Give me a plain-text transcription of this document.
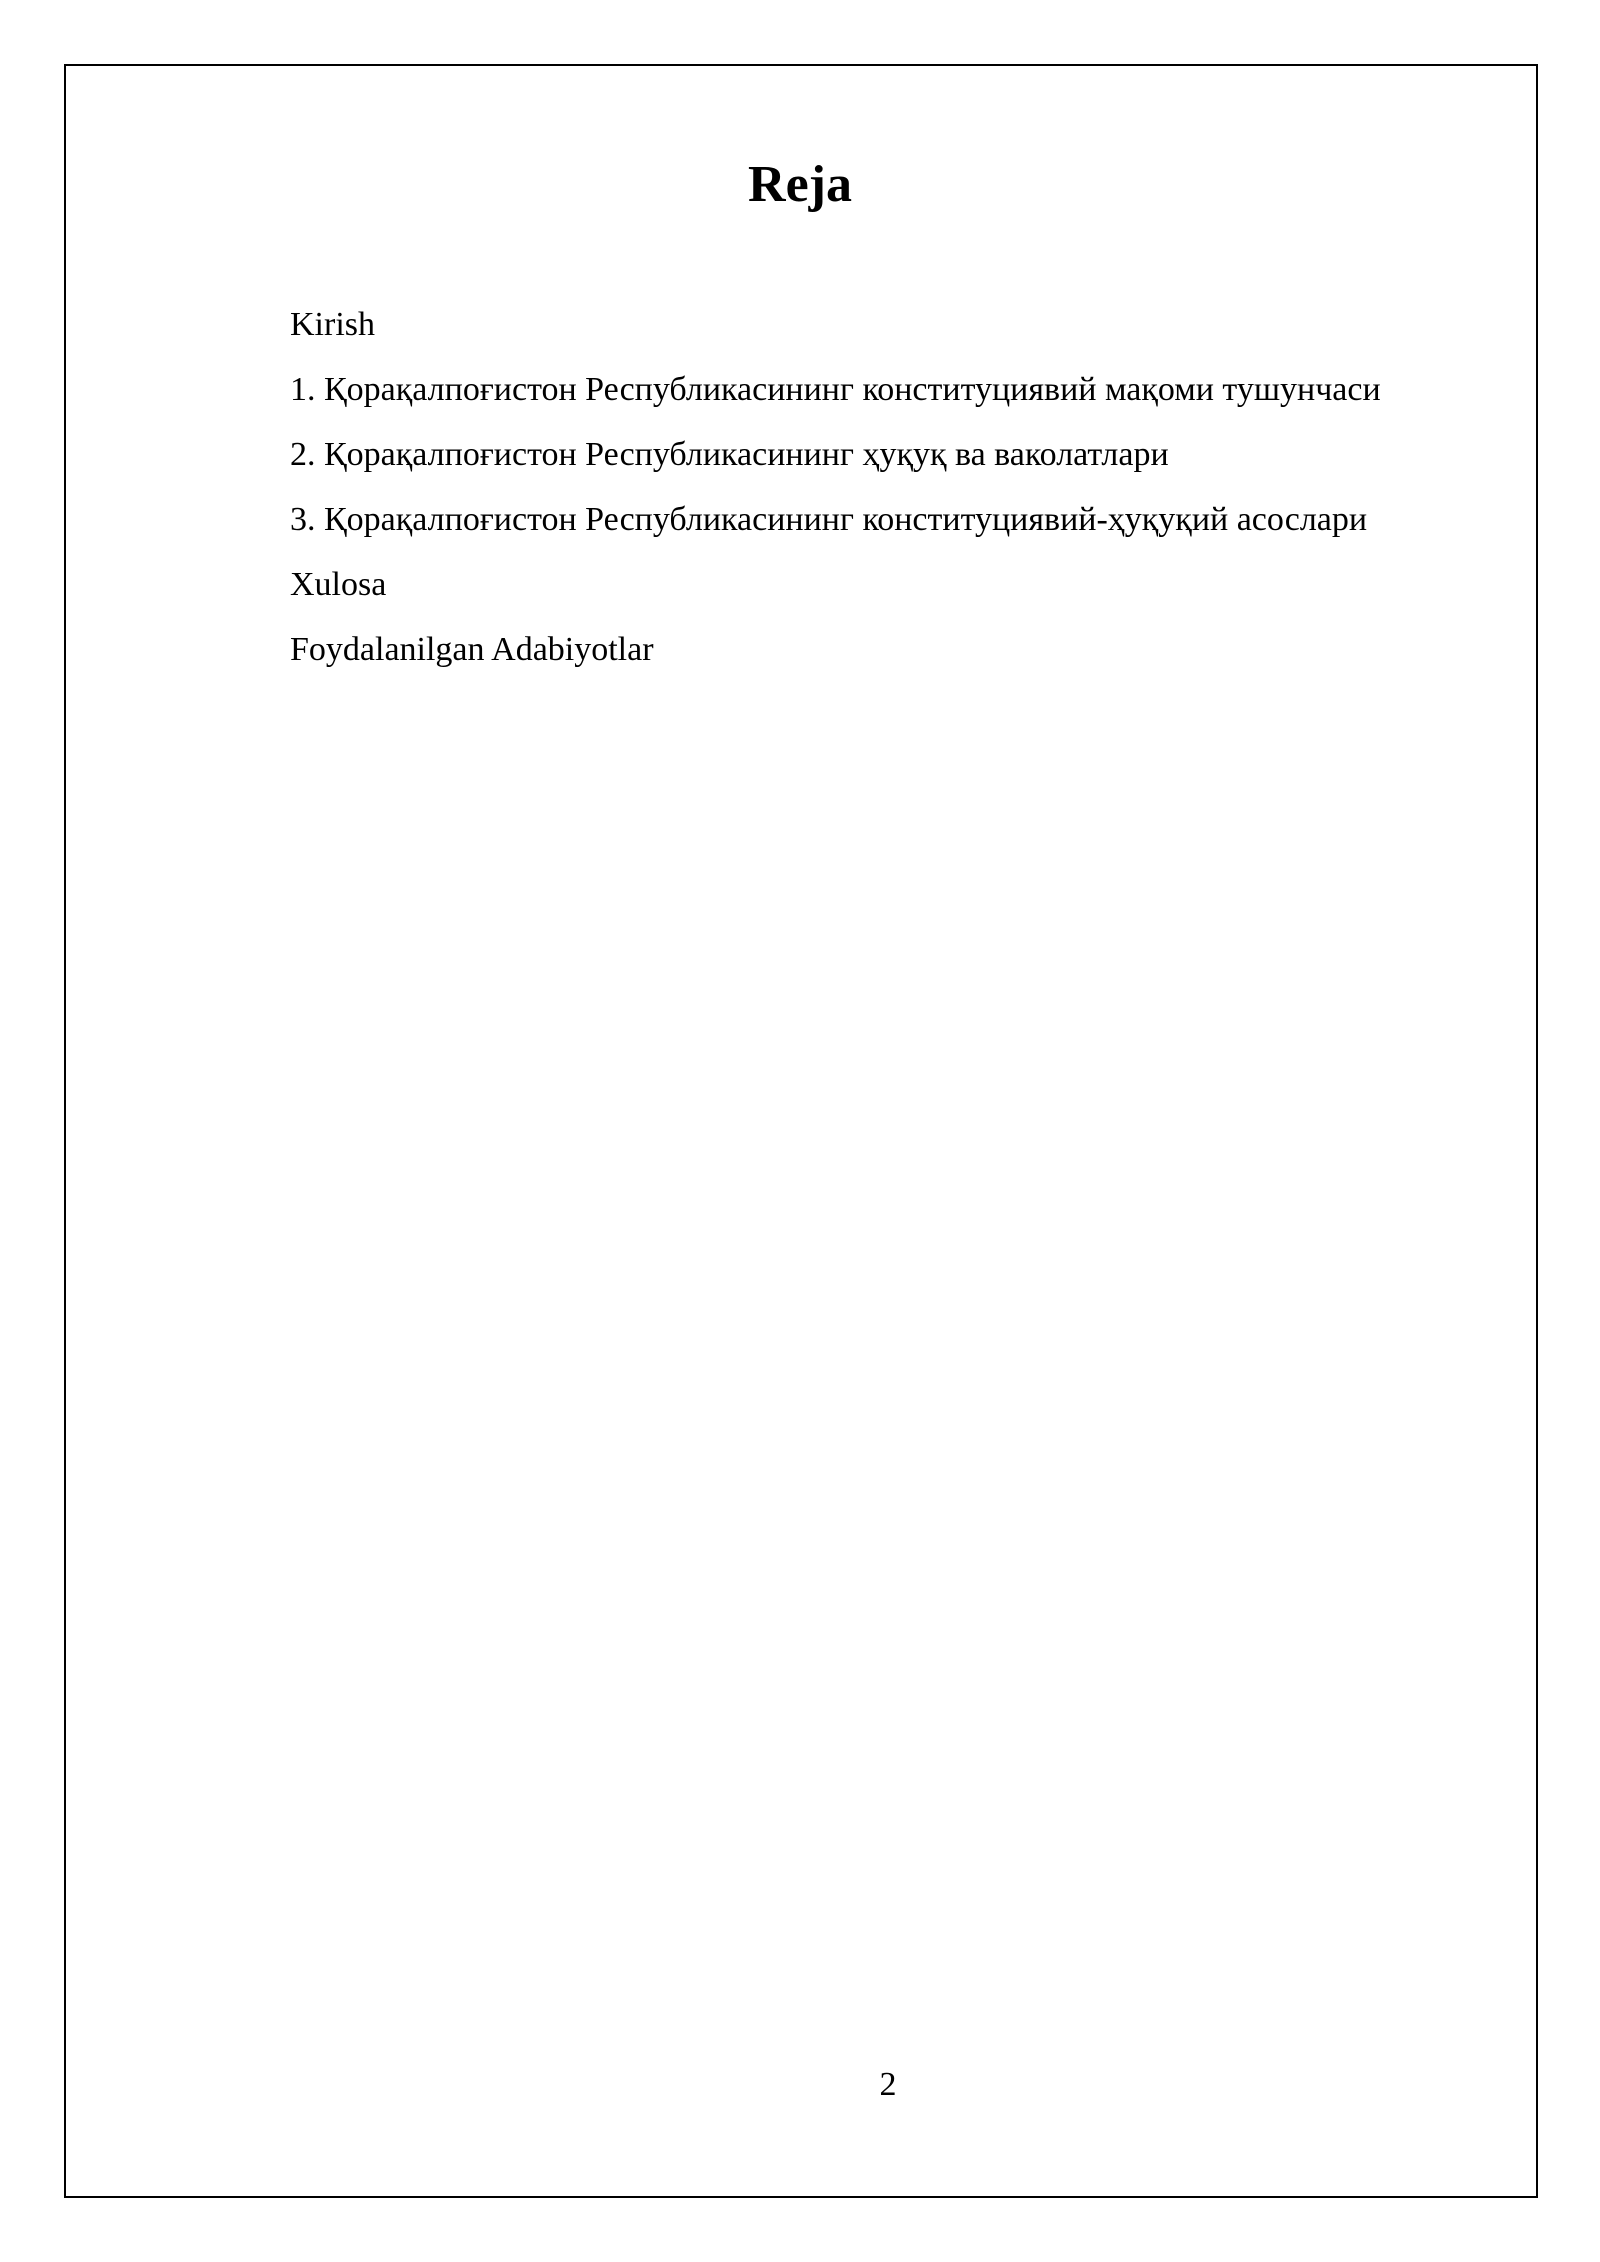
Reja
Kirish
1. Қорақалпоғистон Республикасининг конституциявий мақоми тушунчаси
2. Қорақалпоғистон Республикасининг ҳуқуқ ва ваколатлари
3. Қорақалпоғистон Республикасининг конституциявий-ҳуқуқий асослари
Xulosa
Foydalanilgan Adabiyotlar
2
